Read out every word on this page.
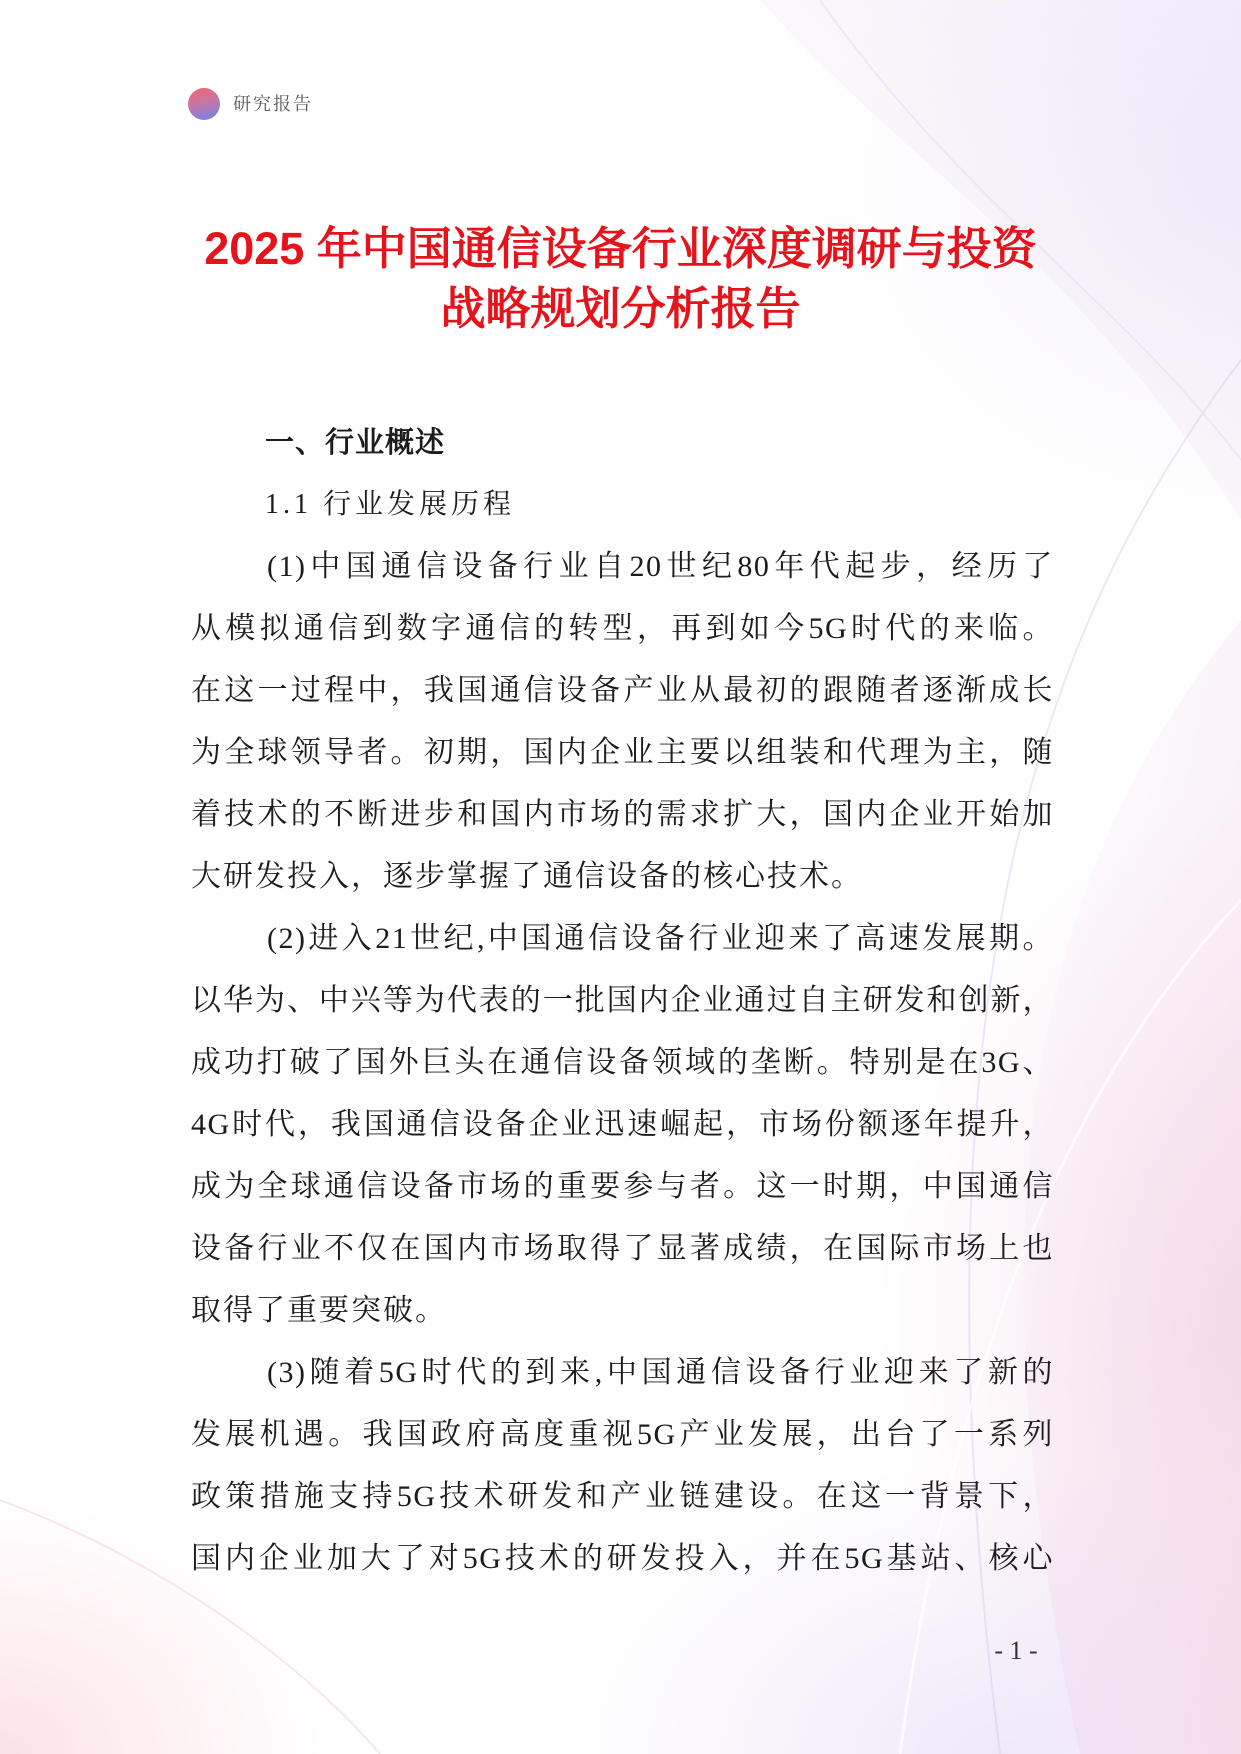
研究报告
2025 年中国通信设备行业深度调研与投资
战略规划分析报告
一、行业概述
1.1 行业发展历程
(1)中国通信设备行业自20世纪80年代起步，经历了
从模拟通信到数字通信的转型，再到如今5G时代的来临。
在这一过程中，我国通信设备产业从最初的跟随者逐渐成长
为全球领导者。初期，国内企业主要以组装和代理为主，随
着技术的不断进步和国内市场的需求扩大，国内企业开始加
大研发投入，逐步掌握了通信设备的核心技术。
(2)进入21世纪,中国通信设备行业迎来了高速发展期。
以华为、中兴等为代表的一批国内企业通过自主研发和创新，
成功打破了国外巨头在通信设备领域的垄断。特别是在3G、
4G时代，我国通信设备企业迅速崛起，市场份额逐年提升，
成为全球通信设备市场的重要参与者。这一时期，中国通信
设备行业不仅在国内市场取得了显著成绩，在国际市场上也
取得了重要突破。
(3)随着5G时代的到来,中国通信设备行业迎来了新的
发展机遇。我国政府高度重视5G产业发展，出台了一系列
政策措施支持5G技术研发和产业链建设。在这一背景下，
国内企业加大了对5G技术的研发投入，并在5G基站、核心
- 1 -
